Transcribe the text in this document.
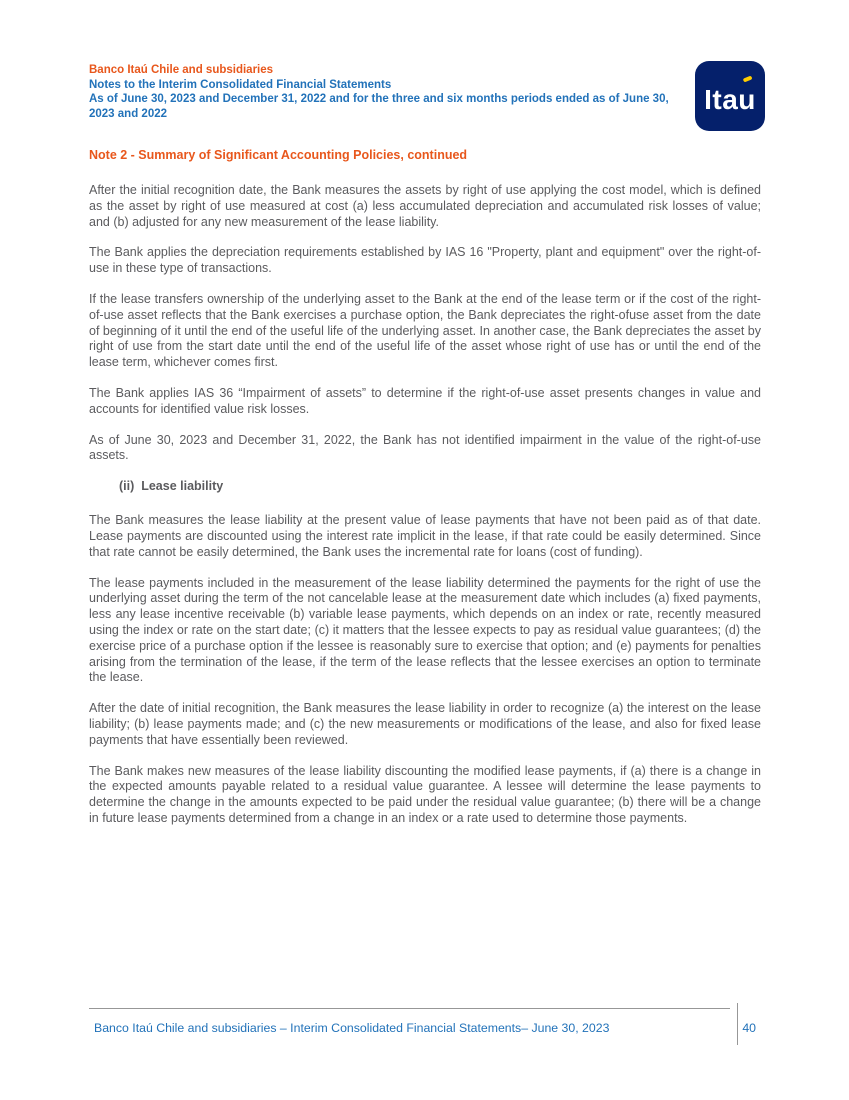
Banco Itaú Chile and subsidiaries
Notes to the Interim Consolidated Financial Statements
As of June 30, 2023 and December 31, 2022 and for the three and six months periods ended as of June 30, 2023 and 2022	Itau
Note 2 - Summary of Significant Accounting Policies, continued

After the initial recognition date, the Bank measures the assets by right of use applying the cost model, which is defined as the asset by right of use measured at cost (a) less accumulated depreciation and accumulated risk losses of value; and (b) adjusted for any new measurement of the lease liability.

The Bank applies the depreciation requirements established by IAS 16 "Property, plant and equipment" over the right-of-use in these type of transactions.

If the lease transfers ownership of the underlying asset to the Bank at the end of the lease term or if the cost of the right-of-use asset reflects that the Bank exercises a purchase option, the Bank depreciates the right-ofuse asset from the date of beginning of it until the end of the useful life of the underlying asset. In another case, the Bank depreciates the asset by right of use from the start date until the end of the useful life of the asset whose right of use has or until the end of the lease term, whichever comes first.

The Bank applies IAS 36 “Impairment of assets” to determine if the right-of-use asset presents changes in value and accounts for identified value risk losses.

As of June 30, 2023 and December 31, 2022, the Bank has not identified impairment in the value of the right-of-use assets.

(ii)  Lease liability

The Bank measures the lease liability at the present value of lease payments that have not been paid as of that date. Lease payments are discounted using the interest rate implicit in the lease, if that rate could be easily determined. Since that rate cannot be easily determined, the Bank uses the incremental rate for loans (cost of funding).

The lease payments included in the measurement of the lease liability determined the payments for the right of use the underlying asset during the term of the not cancelable lease at the measurement date which includes (a) fixed payments, less any lease incentive receivable (b) variable lease payments, which depends on an index or rate, recently measured using the index or rate on the start date; (c) it matters that the lessee expects to pay as residual value guarantees; (d) the exercise price of a purchase option if the lessee is reasonably sure to exercise that option; and (e) payments for penalties arising from the termination of the lease, if the term of the lease reflects that the lessee exercises an option to terminate the lease.

After the date of initial recognition, the Bank measures the lease liability in order to recognize (a) the interest on the lease liability; (b) lease payments made; and (c) the new measurements or modifications of the lease, and also for fixed lease payments that have essentially been reviewed.

The Bank makes new measures of the lease liability discounting the modified lease payments, if (a) there is a change in the expected amounts payable related to a residual value guarantee. A lessee will determine the lease payments to determine the change in the amounts expected to be paid under the residual value guarantee; (b) there will be a change in future lease payments determined from a change in an index or a rate used to determine those payments.

Banco Itaú Chile and subsidiaries – Interim Consolidated Financial Statements– June 30, 2023	40
